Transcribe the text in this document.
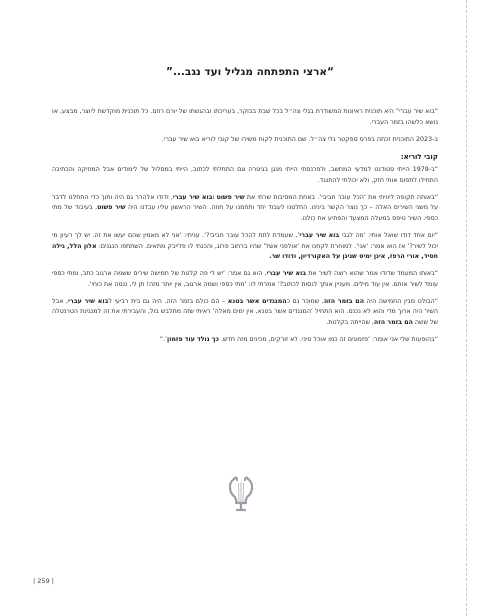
“ארצי התפתחה מגליל ועד נגב...”

“בוא שיר עברי” היא תוכנית ראיונות המשודרת בגלי צה״ל בכל שבת בבוקר, בעריכתו ובהגשתו של יורם רוזם. כל תוכנית מוקדשת ליוצר, מבצע, או נושא כלשהו בזמר העברי.

ב-2023 התוכנית זכתה בפרס ספקטר גלי צה״ל. שם התוכנית לקוח משירו של קובי לוריא בוא שיר עברי.

קובי לוריא:

“ב-1979 הייתי סטודנט למדעי המחשב, ולפרנסתי הייתי מנגן בגיטרה וגם התחלתי לכתוב, הייתי במסלול של לימודים אבל המוזיקה והכתיבה התחילו לתפוס אותי חזק, ולא יכולתי להתנגד.

“באותה תקופה ליוויתי את ‘הכל עובר חביבי’. באחת המסיבות שרתי את שיר פשוט ובוא שיר עברי, ודודו אלהרר גם היה ותוך כדי התחלנו לדבר על משני השירים האלה – כך נוצר הקשר בינינו. החלטנו לעבוד יחד ותחמנו על חוזה. השיר הראשון עליו עבדנו היה שיר פשוט, בעיבוד של מתי כספי. השיר טיפס במעלה המצעד והפתיע את כולנו.

“יום אחד דודו שואל אותי: ‘מה לגבי בוא שיר עברי’, שעמדת לתת להכל עובר חביבי?’. עניתי: ‘אני לא מאמין שהם יעשו את זה. יש לך רעיון מי יכול לשיר?’ אז הוא אמר: ‘אני’. למוחרת לקחנו את ‘אולפני אשל’ שהיו ברחוב פרוג, והכנתי לו פלייבק מתאים. השתתפו הנגנים: אלון הלל, גילה חסיד, אורי הרפז, איגן ימיס שניגן על האקורדיון, ודודו שר.

“באותו המעמד שדודו אמר שהוא רוצה לשיר את בוא שיר עברי, הוא גם אמר: ‘יש לי פה קלטת של חמישה שירים ששמה ארגוב כתב, ומתי כספי עומד לשיר אותם. אין עוד מילים. מעניין אותך לנסות לכתוב?’ אמרתי לו: ‘מתי כספי ושמה ארגוב, אין יותר מזה! תן לי, ננסה את כוחי’.

“הבולט מבין החמישה היה הם בזמר הזה, שמוכר גם כהמנגדים אשר בטנא – הם כולם בזמר הזה. היה גם בית רביעי לבוא שיר עברי, אבל השיר היה ארוך מדי והוא לא נכנס. הוא התחיל ‘המנגדים אשר בטנא, אין ימים מאלה’ ראיתי שזה מתלבש בול, והעבירתי את זה למנגינת הטרנטלה של ששה הם בזמר הזה, שהייתה בקלטת.

“בהופעות שלי אני אומר: ‘פזמונים זה כמו אוכל סיני. לא זורקים, מכינים מזה חדש. כך נולד עוד פזמון’.”

| 259 |
